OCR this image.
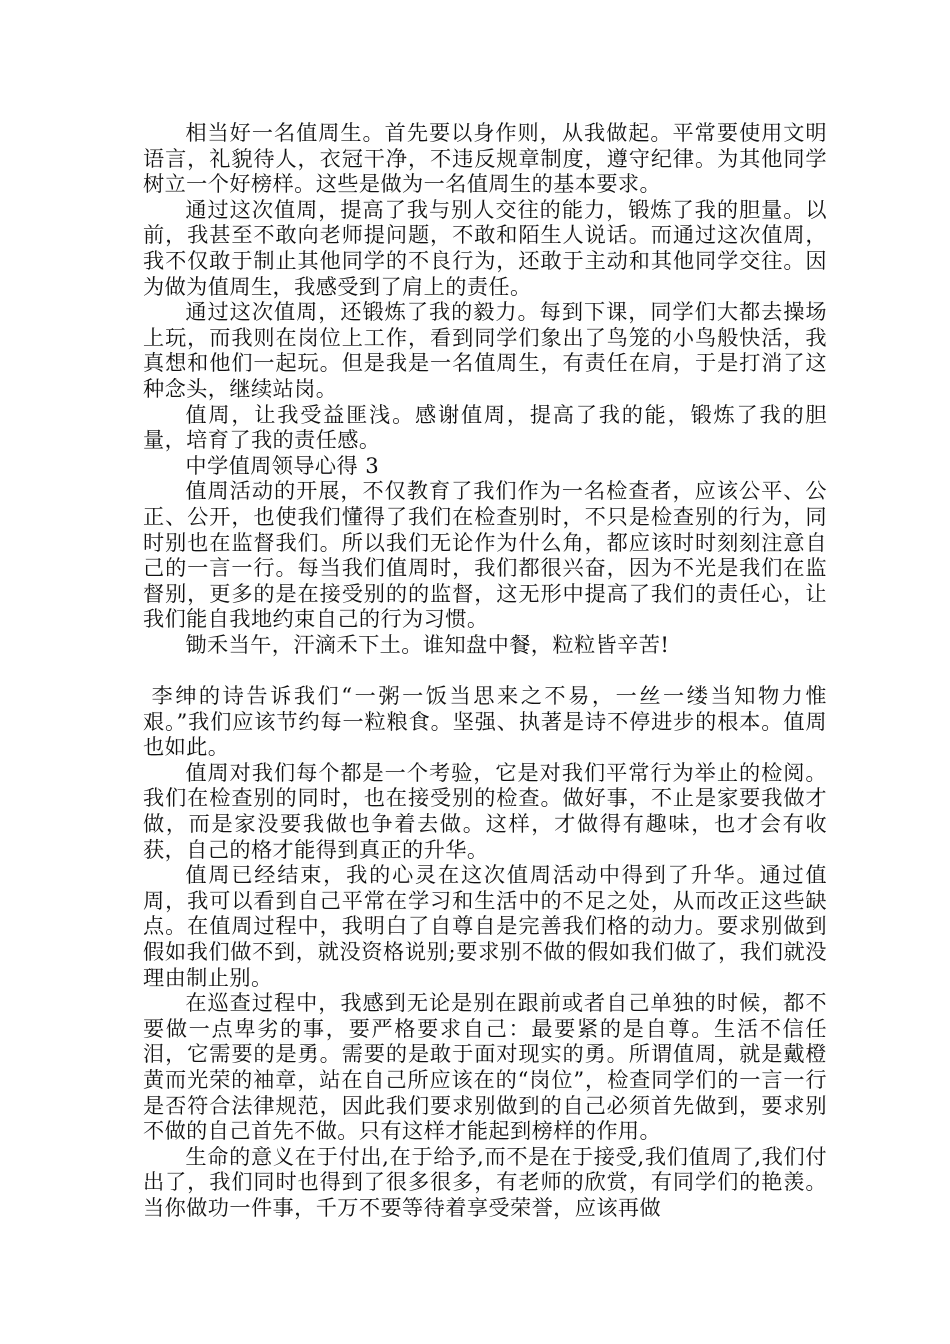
相当好一名值周生。首先要以身作则，从我做起。平常要使用文明语言，礼貌待人，衣冠干净，不违反规章制度，遵守纪律。为其他同学树立一个好榜样。这些是做为一名值周生的基本要求。

通过这次值周，提高了我与别人交往的能力，锻炼了我的胆量。以前，我甚至不敢向老师提问题，不敢和陌生人说话。而通过这次值周，我不仅敢于制止其他同学的不良行为，还敢于主动和其他同学交往。因为做为值周生，我感受到了肩上的责任。

通过这次值周，还锻炼了我的毅力。每到下课，同学们大都去操场上玩，而我则在岗位上工作，看到同学们象出了鸟笼的小鸟般快活，我真想和他们一起玩。但是我是一名值周生，有责任在肩，于是打消了这种念头，继续站岗。

值周，让我受益匪浅。感谢值周，提高了我的能，锻炼了我的胆量，培育了我的责任感。

中学值周领导心得 3

值周活动的开展，不仅教育了我们作为一名检查者，应该公平、公正、公开，也使我们懂得了我们在检查别时，不只是检查别的行为，同时别也在监督我们。所以我们无论作为什么角，都应该时时刻刻注意自己的一言一行。每当我们值周时，我们都很兴奋，因为不光是我们在监督别，更多的是在接受别的的监督，这无形中提高了我们的责任心，让我们能自我地约束自己的行为习惯。

锄禾当午，汗滴禾下土。谁知盘中餐，粒粒皆辛苦!

李绅的诗告诉我们“一粥一饭当思来之不易，一丝一缕当知物力惟艰。”我们应该节约每一粒粮食。坚强、执著是诗不停进步的根本。值周也如此。

值周对我们每个都是一个考验，它是对我们平常行为举止的检阅。我们在检查别的同时，也在接受别的检查。做好事，不止是家要我做才做，而是家没要我做也争着去做。这样，才做得有趣味，也才会有收获，自己的格才能得到真正的升华。

值周已经结束，我的心灵在这次值周活动中得到了升华。通过值周，我可以看到自己平常在学习和生活中的不足之处，从而改正这些缺点。在值周过程中，我明白了自尊自是完善我们格的动力。要求别做到假如我们做不到，就没资格说别;要求别不做的假如我们做了，我们就没理由制止别。

在巡查过程中，我感到无论是别在跟前或者自己单独的时候，都不要做一点卑劣的事，要严格要求自己：最要紧的是自尊。生活不信任泪，它需要的是勇。需要的是敢于面对现实的勇。所谓值周，就是戴橙黄而光荣的袖章，站在自己所应该在的“岗位”，检查同学们的一言一行是否符合法律规范，因此我们要求别做到的自己必须首先做到，要求别不做的自己首先不做。只有这样才能起到榜样的作用。

生命的意义在于付出,在于给予,而不是在于接受,我们值周了,我们付出了，我们同时也得到了很多很多，有老师的欣赏，有同学们的艳羡。当你做功一件事，千万不要等待着享受荣誉，应该再做
